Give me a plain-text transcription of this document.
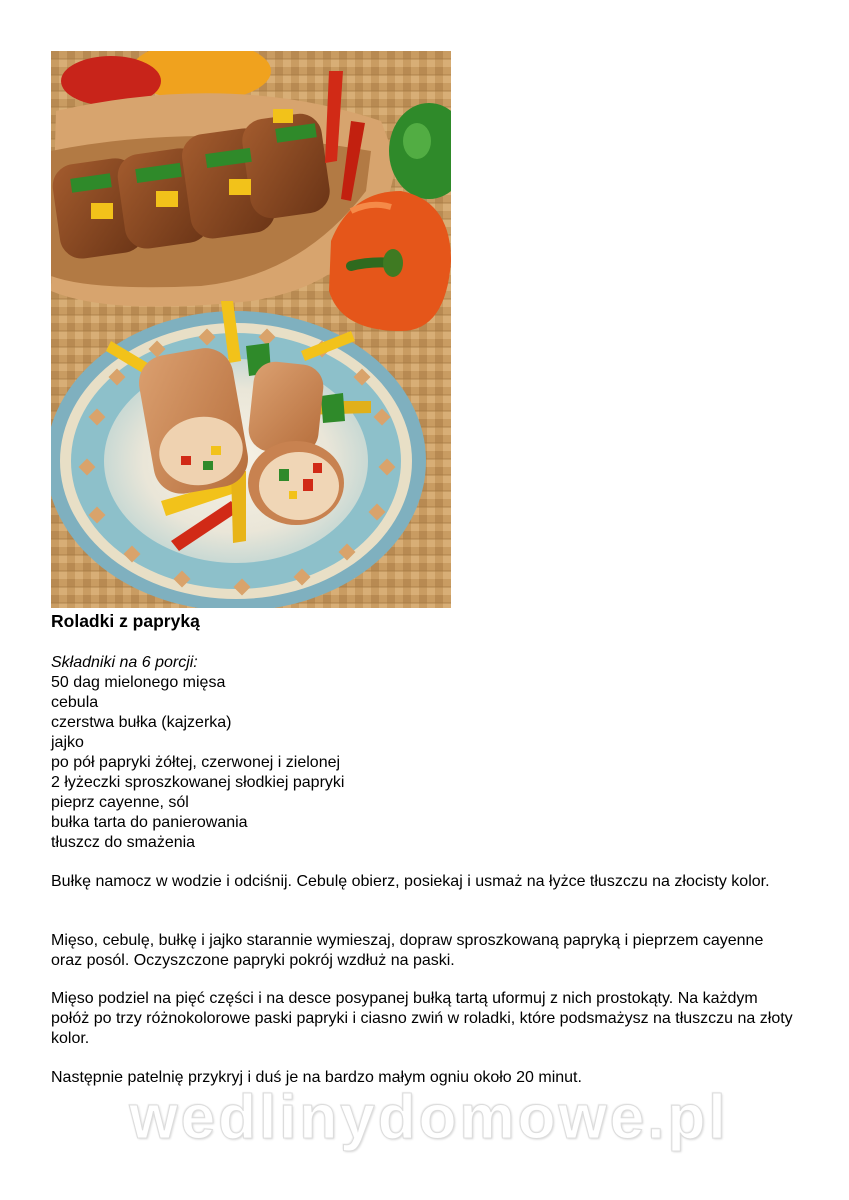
Roladki z papryką
Składniki na 6 porcji:
50 dag mielonego mięsa
cebula
czerstwa bułka (kajzerka)
jajko
po pół papryki żółtej, czerwonej i zielonej
2 łyżeczki sproszkowanej słodkiej papryki
pieprz cayenne, sól
bułka tarta do panierowania
tłuszcz do smażenia

Bułkę namocz w wodzie i odciśnij. Cebulę obierz, posiekaj i usmaż na łyżce tłuszczu na złocisty kolor.

Mięso, cebulę, bułkę i jajko starannie wymieszaj, dopraw sproszkowaną papryką i pieprzem cayenne oraz posól. Oczyszczone papryki pokrój wzdłuż na paski.

Mięso podziel na pięć części i na desce posypanej bułką tartą uformuj z nich prostokąty. Na każdym połóż po trzy różnokolorowe paski papryki i ciasno zwiń w roladki, które podsmażysz na tłuszczu na złoty kolor.

Następnie patelnię przykryj i duś je na bardzo małym ogniu około 20 minut.

wedlinydomowe.pl
